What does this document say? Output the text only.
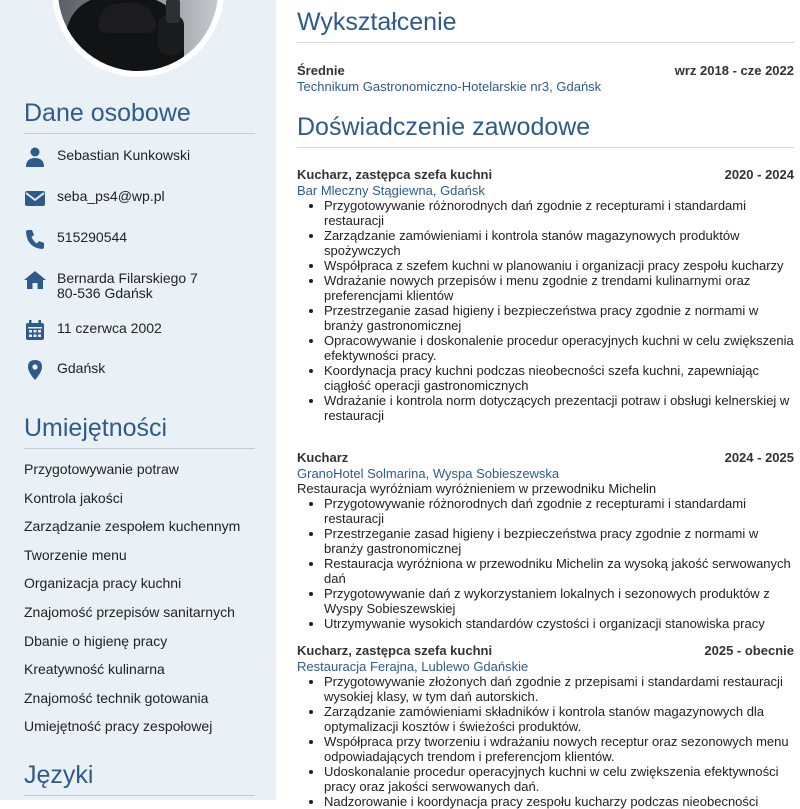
Dane osobowe
Sebastian Kunkowski
seba_ps4@wp.pl
515290544
Bernarda Filarskiego 7
80-536 Gdańsk
11 czerwca 2002
Gdańsk
Umiejętności
Przygotowywanie potraw
Kontrola jakości
Zarządzanie zespołem kuchennym
Tworzenie menu
Organizacja pracy kuchni
Znajomość przepisów sanitarnych
Dbanie o higienę pracy
Kreatywność kulinarna
Znajomość technik gotowania
Umiejętność pracy zespołowej
Języki
Wykształcenie
Średnie	wrz 2018 - cze 2022
Technikum Gastronomiczno-Hotelarskie nr3, Gdańsk
Doświadczenie zawodowe
Kucharz, zastępca szefa kuchni	2020 - 2024
Bar Mleczny Stągiewna, Gdańsk
• Przygotowywanie różnorodnych dań zgodnie z recepturami i standardami restauracji
• Zarządzanie zamówieniami i kontrola stanów magazynowych produktów spożywczych
• Współpraca z szefem kuchni w planowaniu i organizacji pracy zespołu kucharzy
• Wdrażanie nowych przepisów i menu zgodnie z trendami kulinarnymi oraz preferencjami klientów
• Przestrzeganie zasad higieny i bezpieczeństwa pracy zgodnie z normami w branży gastronomicznej
• Opracowywanie i doskonalenie procedur operacyjnych kuchni w celu zwiększenia efektywności pracy.
• Koordynacja pracy kuchni podczas nieobecności szefa kuchni, zapewniając ciągłość operacji gastronomicznych
• Wdrażanie i kontrola norm dotyczących prezentacji potraw i obsługi kelnerskiej w restauracji
Kucharz	2024 - 2025
GranoHotel Solmarina, Wyspa Sobieszewska
Restauracja wyróżniam wyróżnieniem w przewodniku Michelin
• Przygotowywanie różnorodnych dań zgodnie z recepturami i standardami restauracji
• Przestrzeganie zasad higieny i bezpieczeństwa pracy zgodnie z normami w branży gastronomicznej
• Restauracja wyróżniona w przewodniku Michelin za wysoką jakość serwowanych dań
• Przygotowywanie dań z wykorzystaniem lokalnych i sezonowych produktów z Wyspy Sobieszewskiej
• Utrzymywanie wysokich standardów czystości i organizacji stanowiska pracy
Kucharz, zastępca szefa kuchni	2025 - obecnie
Restauracja Ferajna, Lublewo Gdańskie
• Przygotowywanie złożonych dań zgodnie z przepisami i standardami restauracji wysokiej klasy, w tym dań autorskich.
• Zarządzanie zamówieniami składników i kontrola stanów magazynowych dla optymalizacji kosztów i świeżości produktów.
• Współpraca przy tworzeniu i wdrażaniu nowych receptur oraz sezonowych menu odpowiadających trendom i preferencjom klientów.
• Udoskonalanie procedur operacyjnych kuchni w celu zwiększenia efektywności pracy oraz jakości serwowanych dań.
• Nadzorowanie i koordynacja pracy zespołu kucharzy podczas nieobecności
